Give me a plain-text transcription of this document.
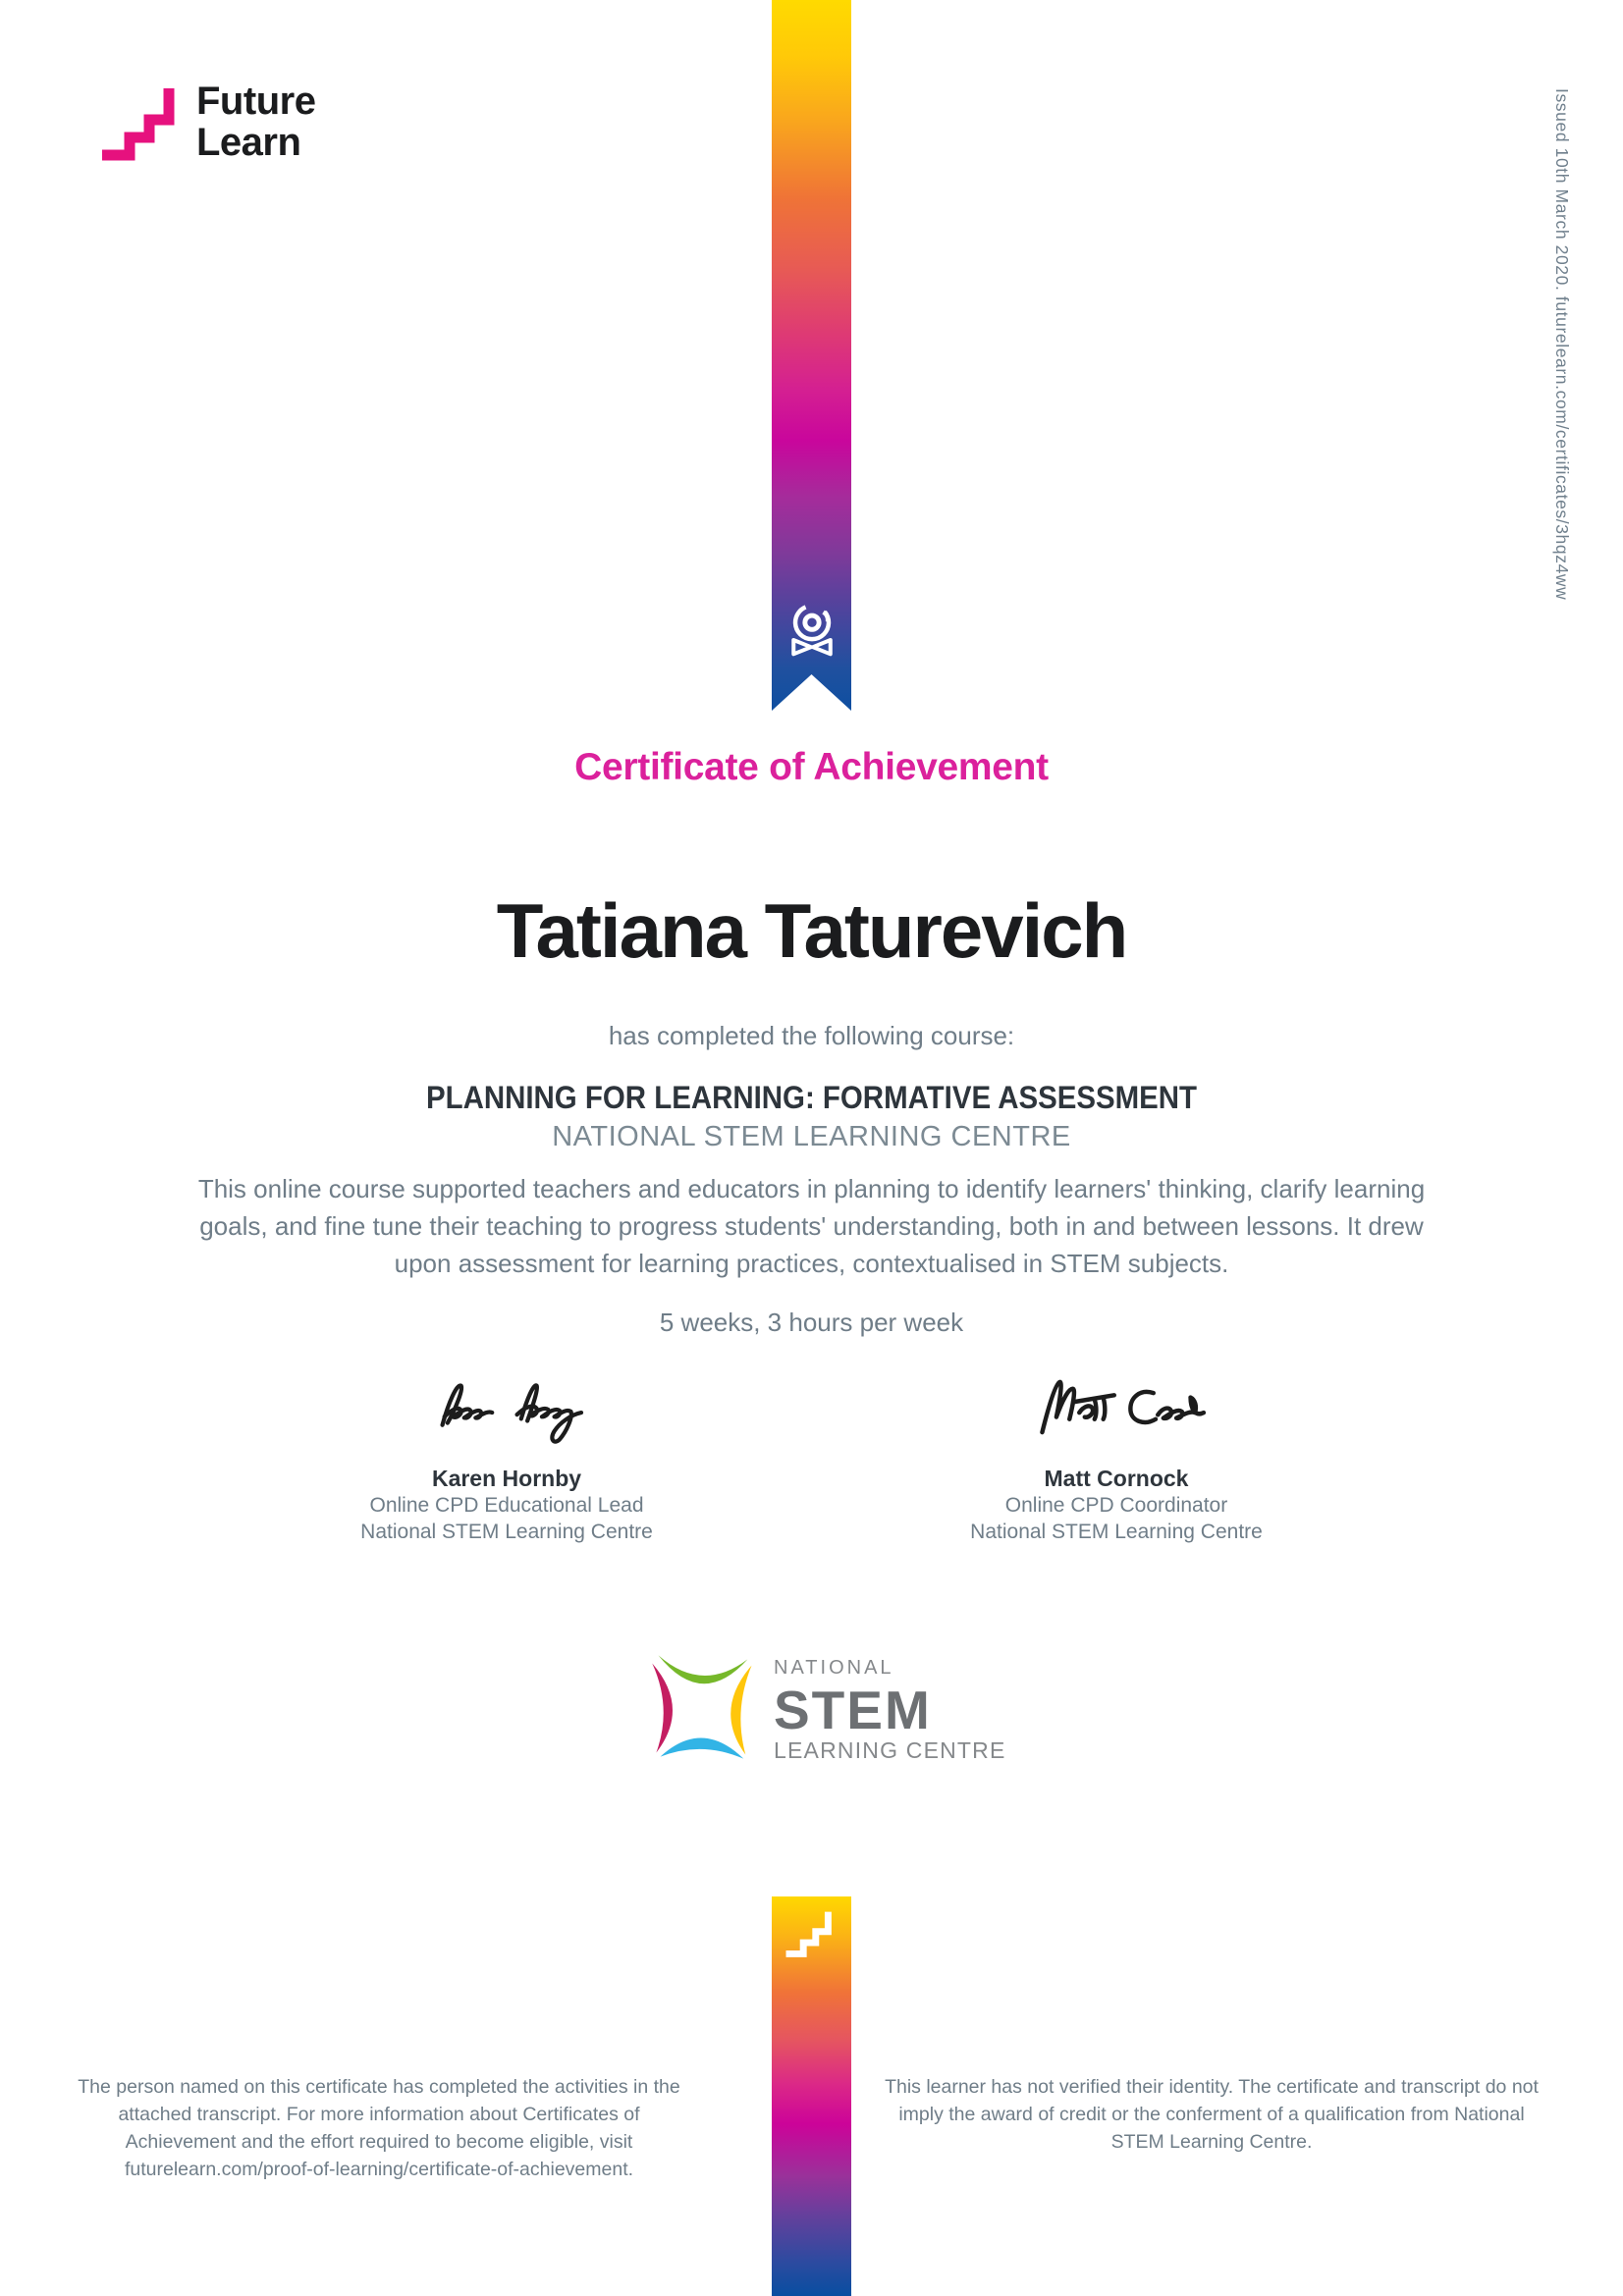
Future
Learn	Issued 10th March 2020. futurelearn.com/certificates/3hqz4ww
Certificate of Achievement
Tatiana Taturevich
has completed the following course:
PLANNING FOR LEARNING: FORMATIVE ASSESSMENT
NATIONAL STEM LEARNING CENTRE
This online course supported teachers and educators in planning to identify learners' thinking, clarify learning goals, and fine tune their teaching to progress students' understanding, both in and between lessons. It drew upon assessment for learning practices, contextualised in STEM subjects.
5 weeks, 3 hours per week
Karen Hornby
Online CPD Educational Lead
National STEM Learning Centre
Matt Cornock
Online CPD Coordinator
National STEM Learning Centre
NATIONAL
STEM
LEARNING CENTRE
The person named on this certificate has completed the activities in the attached transcript. For more information about Certificates of Achievement and the effort required to become eligible, visit futurelearn.com/proof-of-learning/certificate-of-achievement.
This learner has not verified their identity. The certificate and transcript do not imply the award of credit or the conferment of a qualification from National STEM Learning Centre.
